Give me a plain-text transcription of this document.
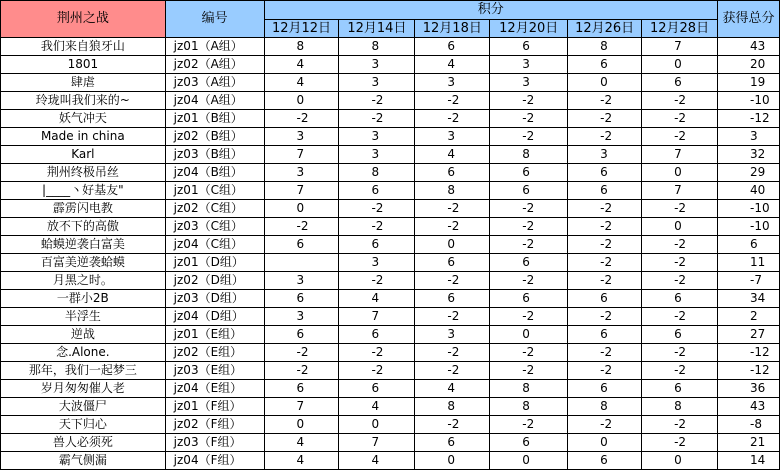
荆州之战	编号	积分						获得总分
		12月12日	12月14日	12月18日	12月20日	12月26日	12月28日	
我们来自狼牙山	jz01（A组）	8	8	6	6	8	7	43
1801	jz02（A组）	4	3	4	3	6	0	20
肆虐	jz03（A组）	4	3	3	3	0	6	19
玲珑叫我们来的~	jz04（A组）	0	-2	-2	-2	-2	-2	-10
妖气冲天	jz01（B组）	-2	-2	-2	-2	-2	-2	-12
Made in china	jz02（B组）	3	3	3	-2	-2	-2	3
Karl	jz03（B组）	7	3	4	8	3	7	32
荆州终极吊丝	jz04（B组）	3	8	6	6	6	0	29
|____丶好基友"	jz01（C组）	7	6	8	6	6	7	40
霹雳闪电教	jz02（C组）	0	-2	-2	-2	-2	-2	-10
放不下的高傲	jz03（C组）	-2	-2	-2	-2	-2	0	-10
蛤蟆逆袭白富美	jz04（C组）	6	6	0	-2	-2	-2	6
百富美逆袭蛤蟆	jz01（D组）		3	6	6	-2	-2	11
月黑之时。	jz02（D组）	3	-2	-2	-2	-2	-2	-7
一群小2B	jz03（D组）	6	4	6	6	6	6	34
半浮生	jz04（D组）	3	7	-2	-2	-2	-2	2
逆战	jz01（E组）	6	6	3	0	6	6	27
念.Alone.	jz02（E组）	-2	-2	-2	-2	-2	-2	-12
那年，我们一起梦三	jz03（E组）	-2	-2	-2	-2	-2	-2	-12
岁月匆匆催人老	jz04（E组）	6	6	4	8	6	6	36
大波僵尸	jz01（F组）	7	4	8	8	8	8	43
天下归心	jz02（F组）	0	0	-2	-2	-2	-2	-8
兽人必须死	jz03（F组）	4	7	6	6	0	-2	21
霸气侧漏	jz04（F组）	4	4	0	0	6	0	14
